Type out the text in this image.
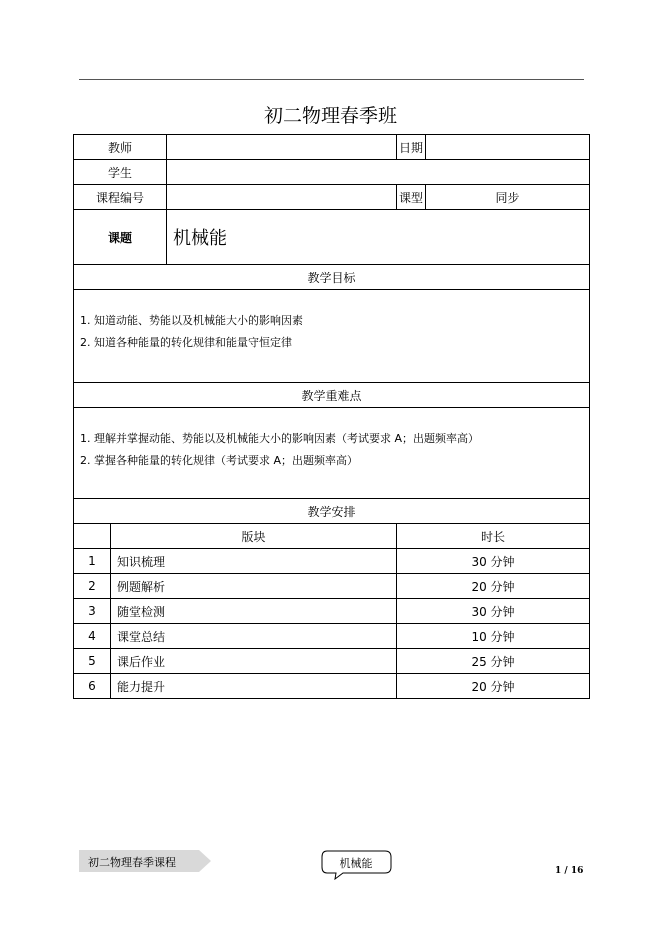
初二物理春季班
教师			日期	
学生				
课程编号			课型	同步
课题		机械能		
教学目标				

1. 知道动能、势能以及机械能大小的影响因素
2. 知道各种能量的转化规律和能量守恒定律				

教学重难点				

1. 理解并掌握动能、势能以及机械能大小的影响因素（考试要求 A；出题频率高）
2. 掌握各种能量的转化规律（考试要求 A；出题频率高）				

教学安排				
	版块		时长	
1	知识梳理		30 分钟	
2	例题解析		20 分钟	
3	随堂检测		30 分钟	
4	课堂总结		10 分钟	
5	课后作业		25 分钟	
6	能力提升		20 分钟	
初二物理春季课程	机械能
1 / 16
